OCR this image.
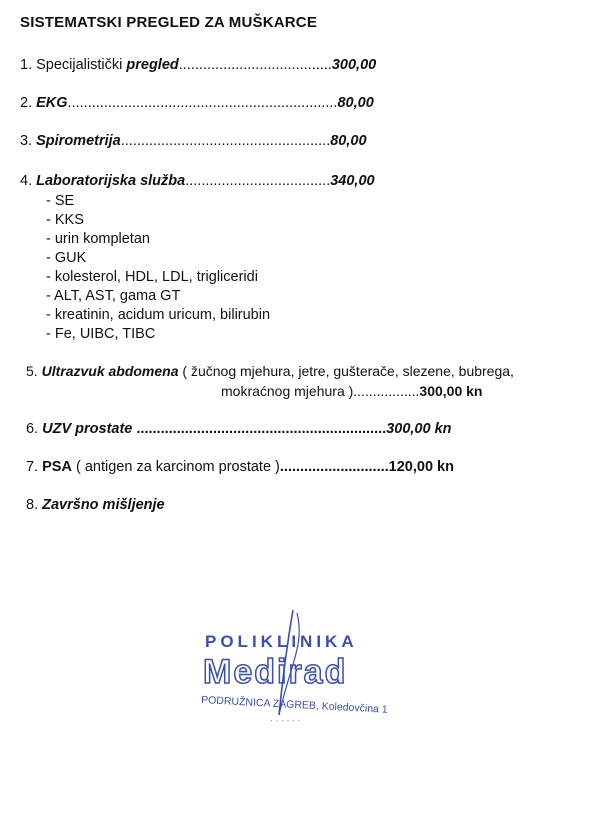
SISTEMATSKI PREGLED ZA MUŠKARCE
1. Specijalistički pregled......................................300,00
2. EKG...................................................................80,00
3. Spirometrija....................................................80,00
4. Laboratorijska služba....................................340,00
- SE
- KKS
- urin kompletan
- GUK
- kolesterol, HDL, LDL, trigliceridi
- ALT, AST, gama GT
- kreatinin, acidum uricum, bilirubin
- Fe, UIBC, TIBC
5. Ultrazvuk abdomena ( žučnog mjehura, jetre, gušterače, slezene, bubrega,
mokraćnog mjehura ).................300,00 kn
6. UZV prostate ..............................................................300,00 kn
7. PSA ( antigen za karcinom prostate )...........................120,00 kn
8. Završno mišljenje
POLIKLINIKA
Medirad
PODRUŽNICA ZAGREB, Koledovčina 1
· · · · · ·
